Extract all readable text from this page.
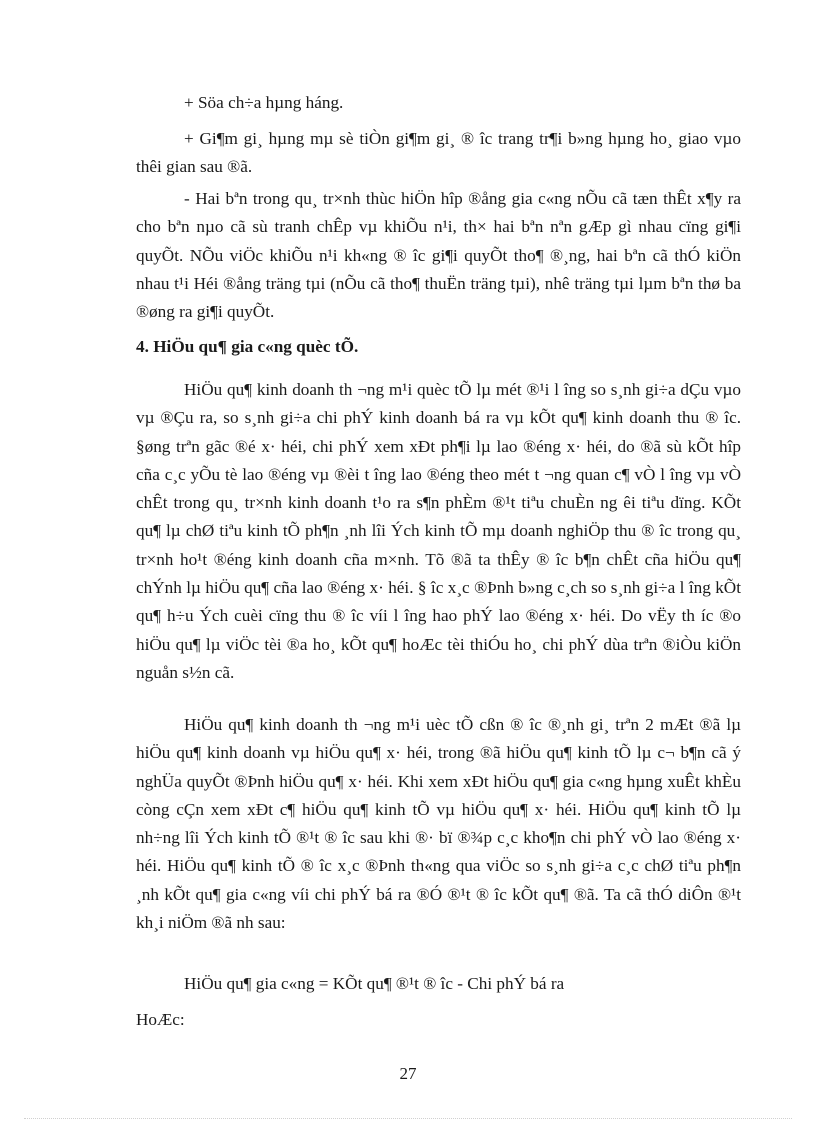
+ Söa ch÷a hµng háng.

+ Gi¶m gi¸ hµng mµ sè tiÒn gi¶m gi¸ ® îc trang tr¶i b»ng hµng ho¸ giao vµo thêi gian sau ®ã.

- Hai bªn trong qu¸ tr×nh thùc hiÖn hîp ®ång gia c«ng nÕu cã tæn thÊt x¶y ra cho bªn nµo cã sù tranh chÊp vµ khiÕu n¹i, th× hai bªn nªn gÆp gì nhau cïng gi¶i quyÕt. NÕu viÖc khiÕu n¹i kh«ng ® îc gi¶i quyÕt tho¶ ®¸ng, hai bªn cã thÓ kiÖn nhau t¹i Héi ®ång träng tµi (nÕu cã tho¶ thuËn träng tµi), nhê träng tµi lµm bªn thø ba ®øng ra gi¶i quyÕt.

4. HiÖu qu¶ gia c«ng quèc tÕ.

HiÖu qu¶ kinh doanh th ¬ng m¹i quèc tÕ lµ mét ®¹i l îng so s¸nh gi÷a dÇu vµo vµ ®Çu ra, so s¸nh gi÷a chi phÝ kinh doanh bá ra vµ kÕt qu¶ kinh doanh thu ® îc. §øng trªn gãc ®é x· héi, chi phÝ xem xÐt ph¶i lµ lao ®éng x· héi, do ®ã sù kÕt hîp cña c¸c yÕu tè lao ®éng vµ ®èi t îng lao ®éng theo mét t ¬ng quan c¶ vÒ l îng vµ vÒ chÊt trong qu¸ tr×nh kinh doanh t¹o ra s¶n phÈm ®¹t tiªu chuÈn ng êi tiªu dïng. KÕt qu¶ lµ chØ tiªu kinh tÕ ph¶n ¸nh lîi Ých kinh tÕ mµ doanh nghiÖp thu ® îc trong qu¸ tr×nh ho¹t ®éng kinh doanh cña m×nh. Tõ ®ã ta thÊy ® îc b¶n chÊt cña hiÖu qu¶ chÝnh lµ hiÖu qu¶ cña lao ®éng x· héi. § îc x¸c ®Þnh b»ng c¸ch so s¸nh gi÷a l îng kÕt qu¶ h÷u Ých cuèi cïng thu ® îc víi l îng hao phÝ lao ®éng x· héi. Do vËy th íc ®o hiÖu qu¶ lµ viÖc tèi ®a ho¸ kÕt qu¶ hoÆc tèi thiÓu ho¸ chi phÝ dùa trªn ®iÒu kiÖn nguån s½n cã.

HiÖu qu¶ kinh doanh th ¬ng m¹i uèc tÕ cßn ® îc ®¸nh gi¸ trªn 2 mÆt ®ã lµ hiÖu qu¶ kinh doanh vµ hiÖu qu¶ x· héi, trong ®ã hiÖu qu¶ kinh tÕ lµ c¬ b¶n cã ý nghÜa quyÕt ®Þnh hiÖu qu¶ x· héi. Khi xem xÐt hiÖu qu¶ gia c«ng hµng xuÊt khÈu còng cÇn xem xÐt c¶ hiÖu qu¶ kinh tÕ vµ hiÖu qu¶ x· héi. HiÖu qu¶ kinh tÕ lµ nh÷ng lîi Ých kinh tÕ ®¹t ® îc sau khi ®· bï ®¾p c¸c kho¶n chi phÝ vÒ lao ®éng x· héi. HiÖu qu¶ kinh tÕ ® îc x¸c ®Þnh th«ng qua viÖc so s¸nh gi÷a c¸c chØ tiªu ph¶n ¸nh kÕt qu¶ gia c«ng víi chi phÝ bá ra ®Ó ®¹t ® îc kÕt qu¶ ®ã. Ta cã thÓ diÔn ®¹t kh¸i niÖm ®ã nh sau:

HiÖu qu¶ gia c«ng = KÕt qu¶ ®¹t ® îc - Chi phÝ bá ra

HoÆc:

27
